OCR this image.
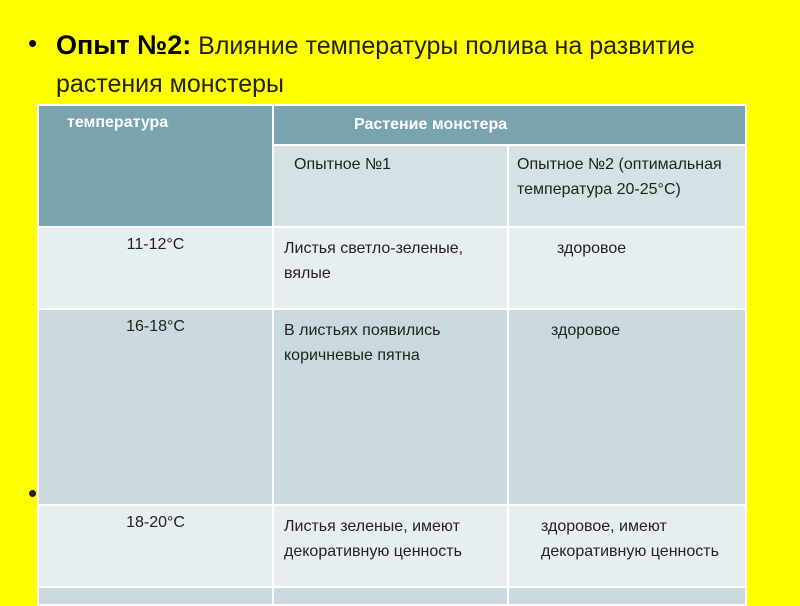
• Опыт №2: Влияние температуры полива на развитие растения монстеры
•
температура	Растение монстера	
	Опытное №1	Опытное №2 (оптимальная температура 20-25°С)
11-12°С	Листья светло-зеленые, вялые	здоровое
16-18°С	В листьях появились коричневые пятна	здоровое
18-20°С	Листья зеленые, имеют декоративную ценность	здоровое, имеют декоративную ценность
